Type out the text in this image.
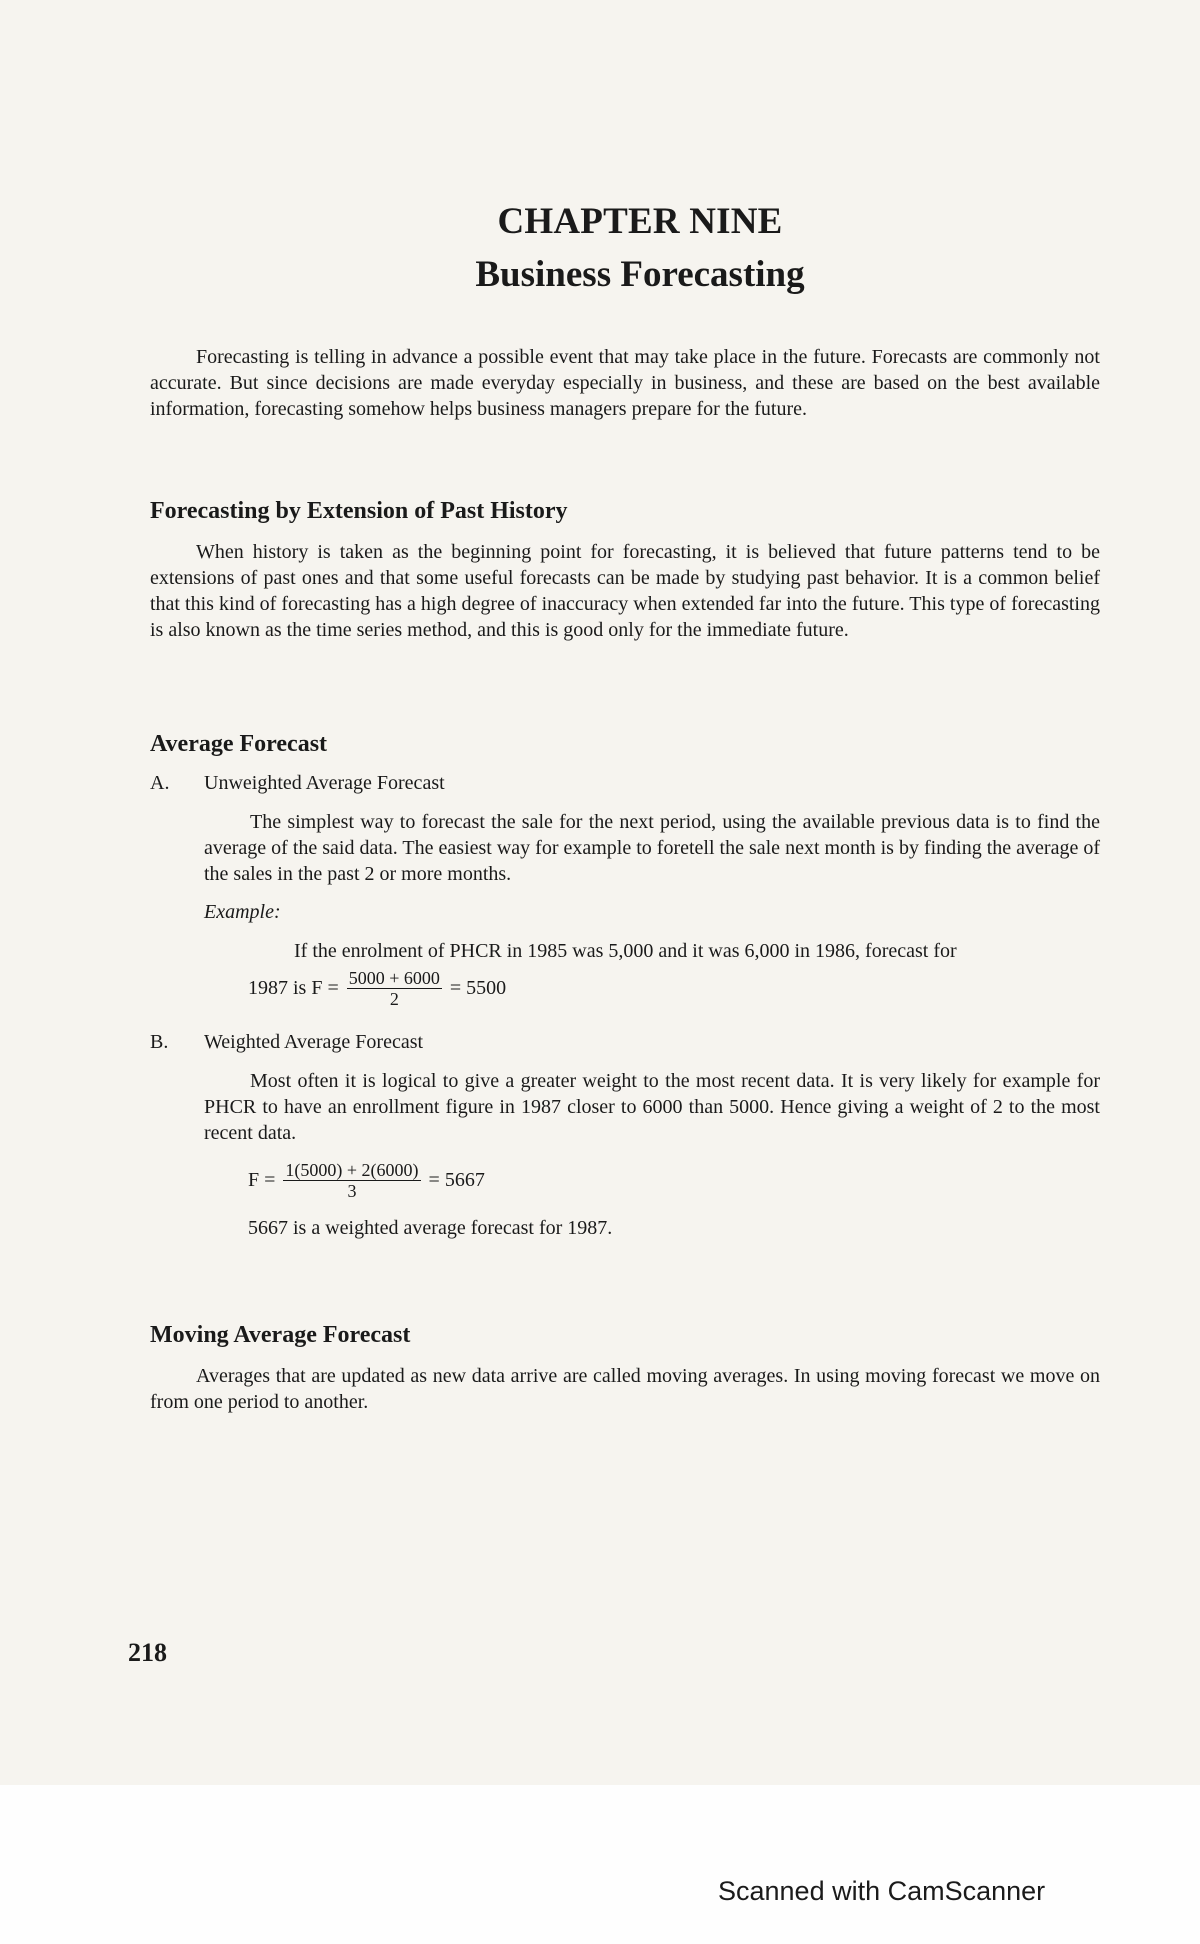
CHAPTER NINE
Business Forecasting

Forecasting is telling in advance a possible event that may take place in the future. Forecasts are commonly not accurate. But since decisions are made everyday especially in business, and these are based on the best available information, forecasting somehow helps business managers prepare for the future.

Forecasting by Extension of Past History

When history is taken as the beginning point for forecasting, it is believed that future patterns tend to be extensions of past ones and that some useful forecasts can be made by studying past behavior. It is a common belief that this kind of forecasting has a high degree of inaccuracy when extended far into the future. This type of forecasting is also known as the time series method, and this is good only for the immediate future.

Average Forecast
A.	Unweighted Average Forecast

The simplest way to forecast the sale for the next period, using the available previous data is to find the average of the said data. The easiest way for example to foretell the sale next month is by finding the average of the sales in the past 2 or more months.

Example:

If the enrolment of PHCR in 1985 was 5,000 and it was 6,000 in 1986, forecast for

1987 is $F = \frac{5000 + 6000}{2} = 5500$
B.	Weighted Average Forecast

Most often it is logical to give a greater weight to the most recent data. It is very likely for example for PHCR to have an enrollment figure in 1987 closer to 6000 than 5000. Hence giving a weight of 2 to the most recent data.

$F = \frac{1(5000) + 2(6000)}{3} = 5667$

5667 is a weighted average forecast for 1987.

Moving Average Forecast

Averages that are updated as new data arrive are called moving averages. In using moving forecast we move on from one period to another.

218
Scanned with CamScanner
